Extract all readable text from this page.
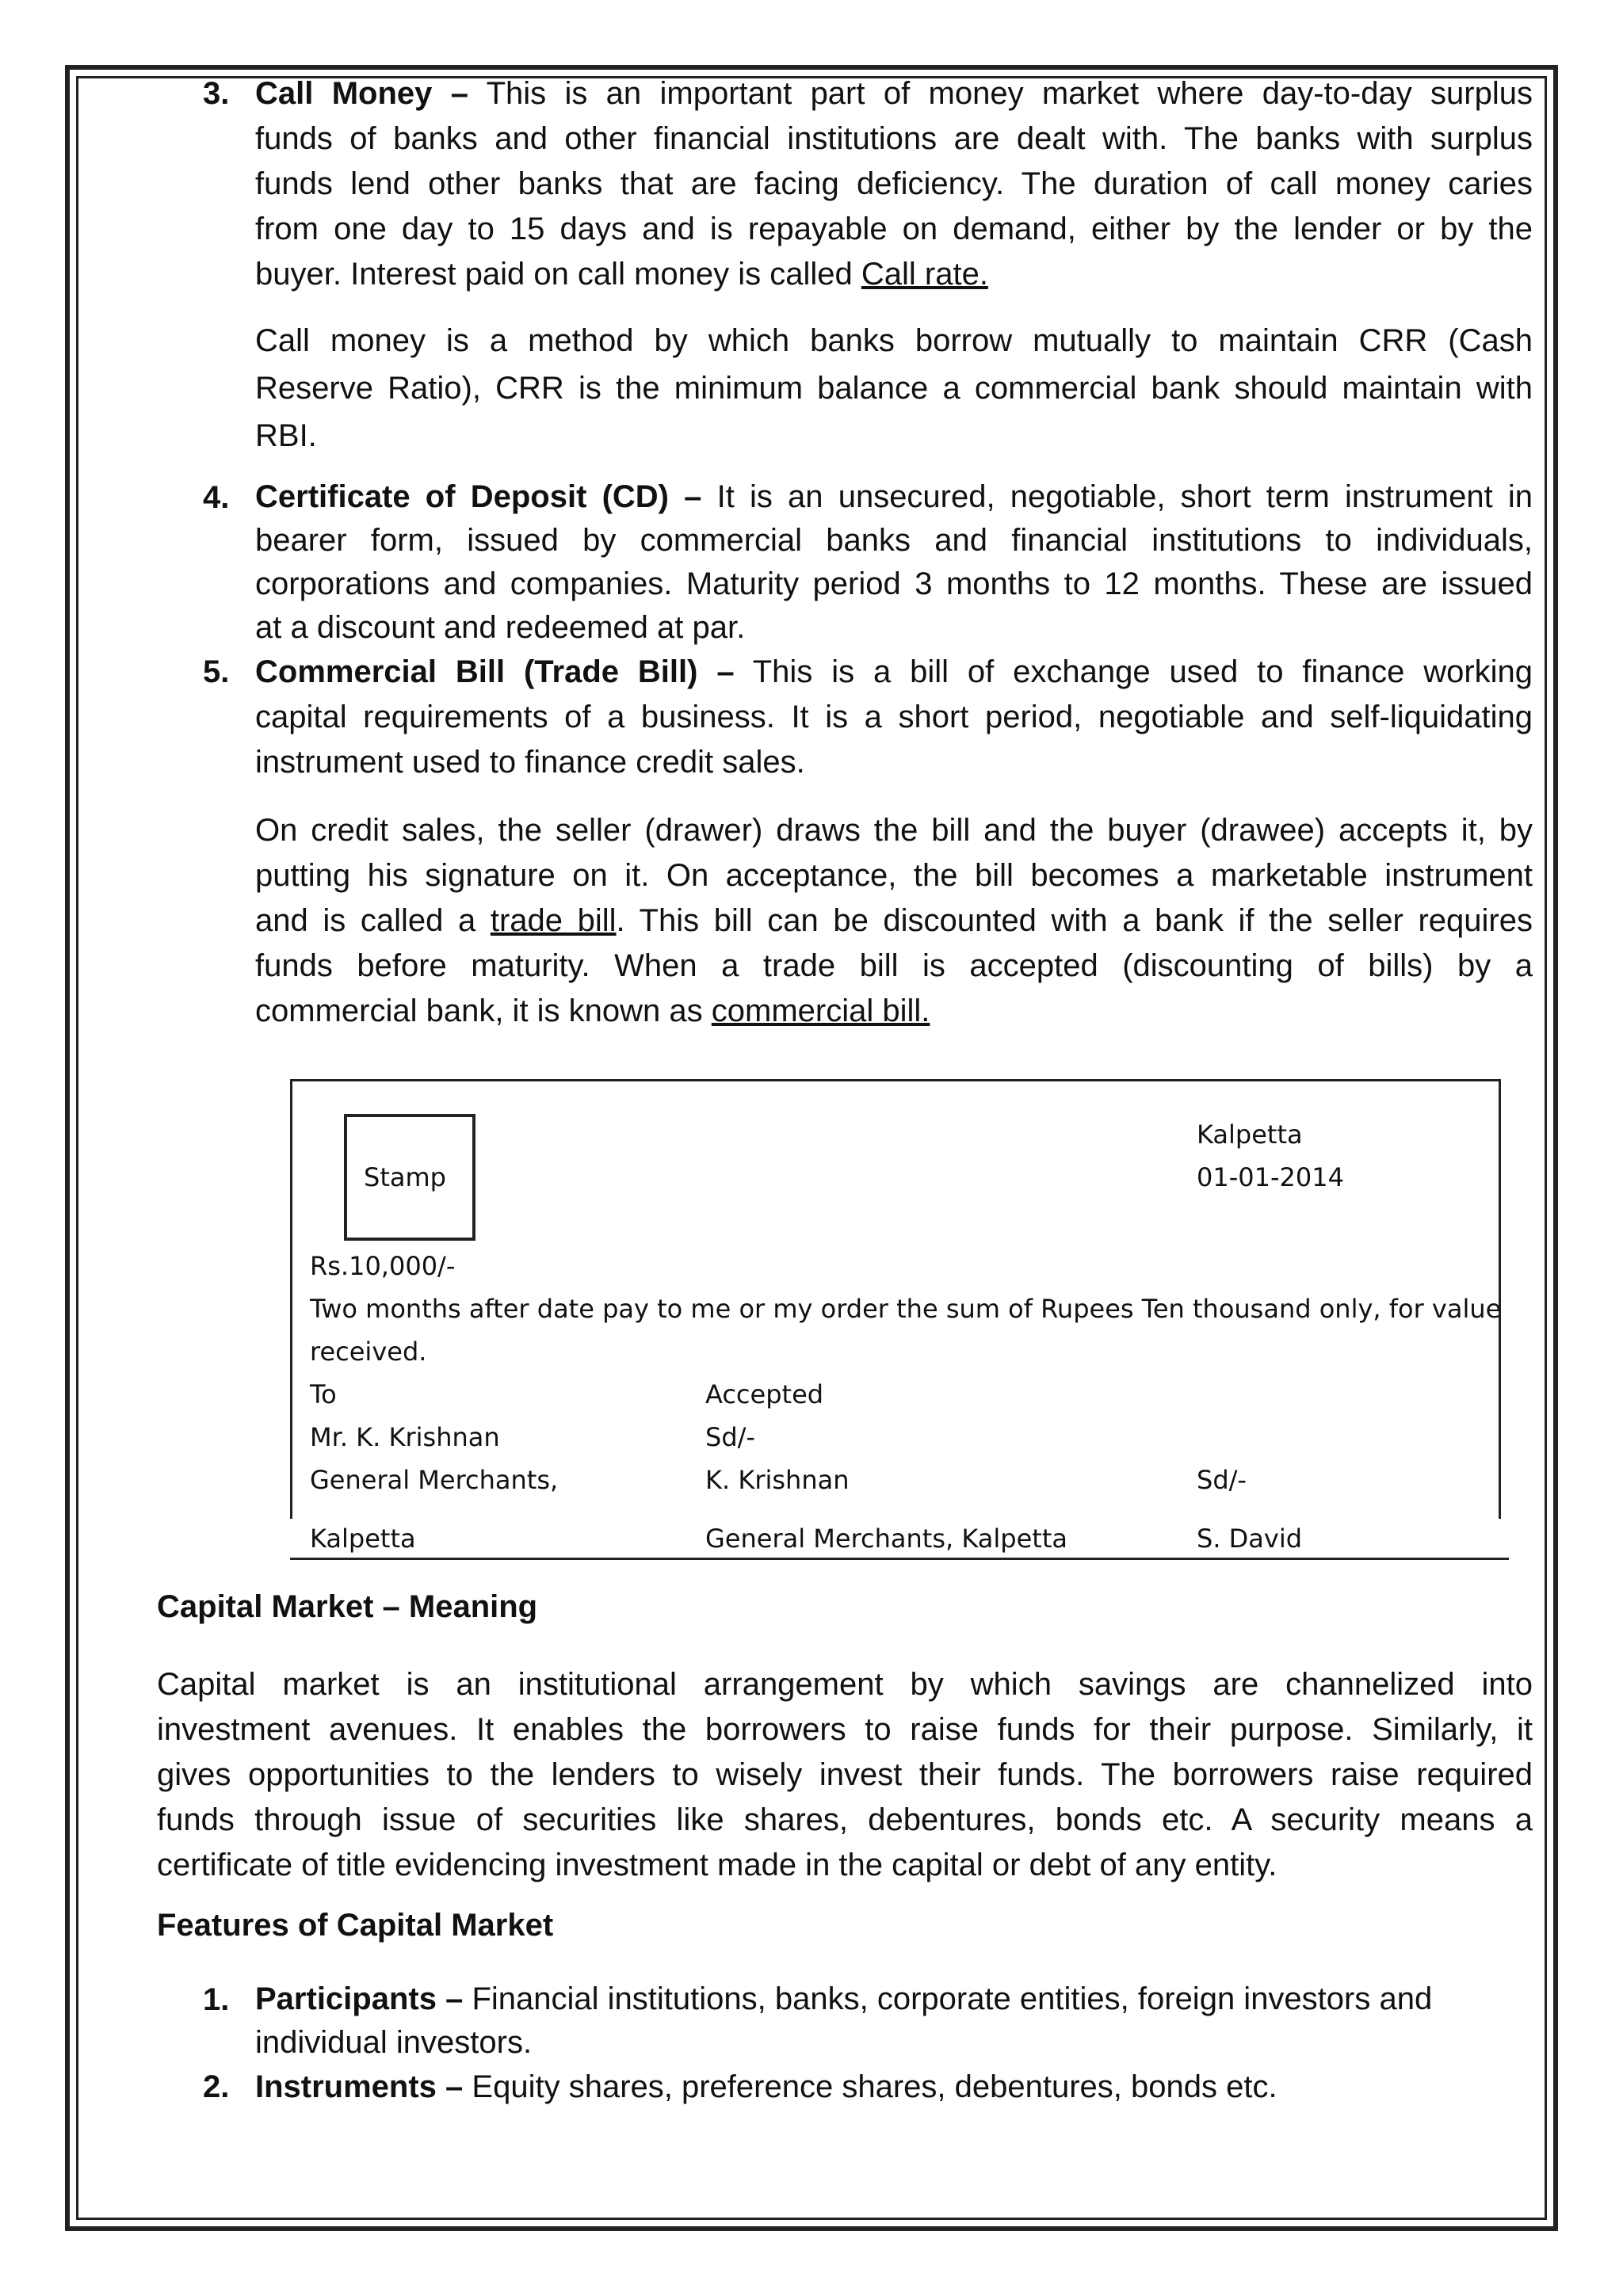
3. Call Money – This is an important part of money market where day-to-day surplus
funds of banks and other financial institutions are dealt with. The banks with surplus
funds lend other banks that are facing deficiency. The duration of call money caries
from one day to 15 days and is repayable on demand, either by the lender or by the
buyer. Interest paid on call money is called Call rate.
Call money is a method by which banks borrow mutually to maintain CRR (Cash
Reserve Ratio), CRR is the minimum balance a commercial bank should maintain with
RBI.
4. Certificate of Deposit (CD) – It is an unsecured, negotiable, short term instrument in
bearer form, issued by commercial banks and financial institutions to individuals,
corporations and companies. Maturity period 3 months to 12 months. These are issued
at a discount and redeemed at par.
5. Commercial Bill (Trade Bill) – This is a bill of exchange used to finance working
capital requirements of a business. It is a short period, negotiable and self-liquidating
instrument used to finance credit sales.
On credit sales, the seller (drawer) draws the bill and the buyer (drawee) accepts it, by
putting his signature on it. On acceptance, the bill becomes a marketable instrument
and is called a trade bill. This bill can be discounted with a bank if the seller requires
funds before maturity. When a trade bill is accepted (discounting of bills) by a
commercial bank, it is known as commercial bill.
Stamp
Kalpetta
01-01-2014
Rs.10,000/-
Two months after date pay to me or my order the sum of Rupees Ten thousand only, for value
received.
To
Mr. K. Krishnan
General Merchants,
Kalpetta
Accepted
Sd/-
K. Krishnan
General Merchants, Kalpetta
Sd/-
S. David
Capital Market – Meaning
Capital market is an institutional arrangement by which savings are channelized into
investment avenues. It enables the borrowers to raise funds for their purpose. Similarly, it
gives opportunities to the lenders to wisely invest their funds. The borrowers raise required
funds through issue of securities like shares, debentures, bonds etc. A security means a
certificate of title evidencing investment made in the capital or debt of any entity.
Features of Capital Market
1. Participants – Financial institutions, banks, corporate entities, foreign investors and
individual investors.
2. Instruments – Equity shares, preference shares, debentures, bonds etc.
